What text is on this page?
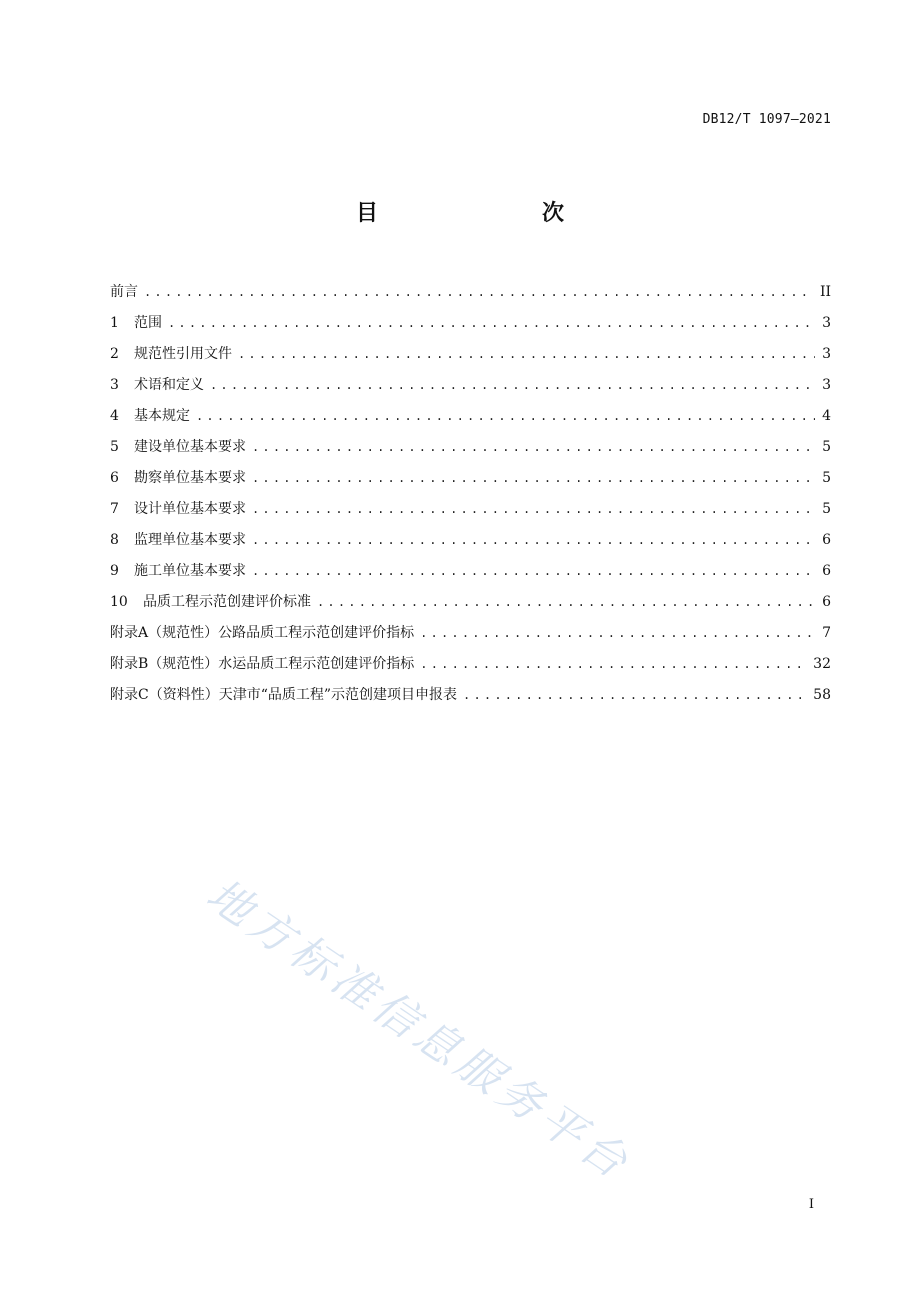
DB12/T 1097—2021
目　　次
前言 .....	II
1	范围 .....	3
2	规范性引用文件 .....	3
3	术语和定义 .....	3
4	基本规定 .....	4
5	建设单位基本要求 .....	5
6	勘察单位基本要求 .....	5
7	设计单位基本要求 .....	5
8	监理单位基本要求 .....	6
9	施工单位基本要求 .....	6
10	品质工程示范创建评价标准 .....	6
附录A（规范性） 公路品质工程示范创建评价指标 .....	7
附录B（规范性） 水运品质工程示范创建评价指标 .....	32
附录C（资料性） 天津市“品质工程”示范创建项目申报表 .....	58
地方标准信息服务平台
I
